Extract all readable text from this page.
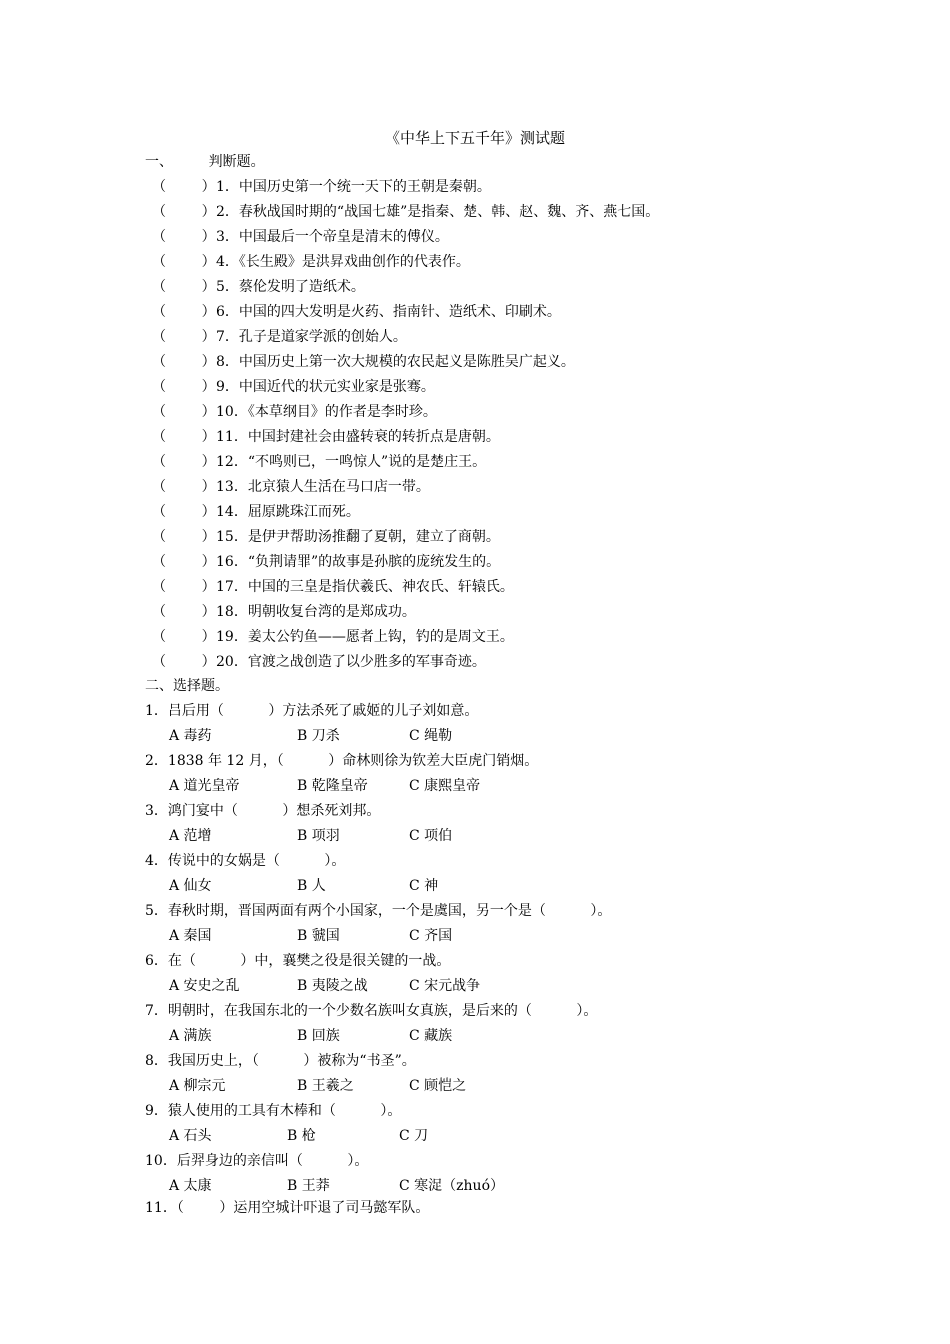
《中华上下五千年》测试题
一、        判断题。
（        ）1．中国历史第一个统一天下的王朝是秦朝。
（        ）2．春秋战国时期的“战国七雄”是指秦、楚、韩、赵、魏、齐、燕七国。
（        ）3．中国最后一个帝皇是清末的傅仪。
（        ）4．《长生殿》是洪昇戏曲创作的代表作。
（        ）5．蔡伦发明了造纸术。
（        ）6．中国的四大发明是火药、指南针、造纸术、印刷术。
（        ）7．孔子是道家学派的创始人。
（        ）8．中国历史上第一次大规模的农民起义是陈胜吴广起义。
（        ）9．中国近代的状元实业家是张骞。
（        ）10．《本草纲目》的作者是李时珍。
（        ）11．中国封建社会由盛转衰的转折点是唐朝。
（        ）12．“不鸣则已，一鸣惊人”说的是楚庄王。
（        ）13．北京猿人生活在马口店一带。
（        ）14．屈原跳珠江而死。
（        ）15．是伊尹帮助汤推翻了夏朝，建立了商朝。
（        ）16．“负荆请罪”的故事是孙膑的庞统发生的。
（        ）17．中国的三皇是指伏羲氏、神农氏、轩辕氏。
（        ）18．明朝收复台湾的是郑成功。
（        ）19．姜太公钓鱼——愿者上钩，钓的是周文王。
（        ）20．官渡之战创造了以少胜多的军事奇迹。
二、选择题。
1．吕后用（          ）方法杀死了戚姬的儿子刘如意。
A 毒药	B 刀杀	C 绳勒
2．1838 年 12 月，（          ）命林则徐为钦差大臣虎门销烟。
A 道光皇帝	B 乾隆皇帝	C 康熙皇帝
3．鸿门宴中（          ）想杀死刘邦。
A 范增	B 项羽	C 项伯
4．传说中的女娲是（          ）。
A 仙女	B 人	C 神
5．春秋时期，晋国两面有两个小国家，一个是虞国，另一个是（          ）。
A 秦国	B 虢国	C 齐国
6．在（          ）中，襄樊之役是很关键的一战。
A 安史之乱	B 夷陵之战	C 宋元战争
7．明朝时，在我国东北的一个少数名族叫女真族，是后来的（          ）。
A 满族	B 回族	C 藏族
8．我国历史上，（          ）被称为“书圣”。
A 柳宗元	B 王羲之	C 顾恺之
9．猿人使用的工具有木棒和（          ）。
A 石头	B 枪	C 刀
10．后羿身边的亲信叫（          ）。
A 太康	B 王莽	C 寒浞（zhuó）
11．（        ）运用空城计吓退了司马懿军队。
